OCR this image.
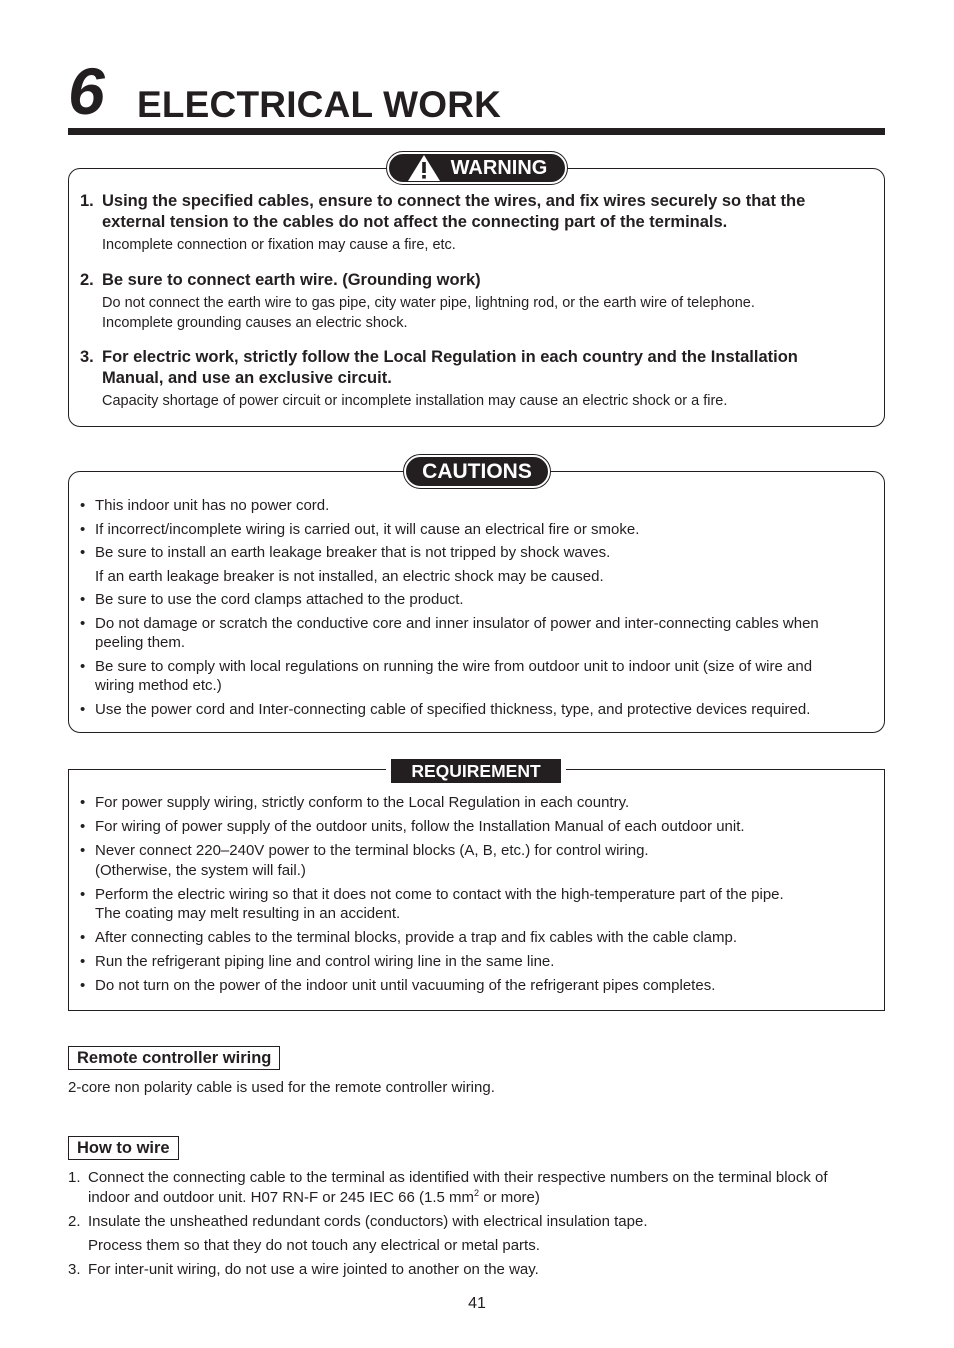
6 ELECTRICAL WORK
WARNING
1. Using the specified cables, ensure to connect the wires, and fix wires securely so that the
external tension to the cables do not affect the connecting part of the terminals.
Incomplete connection or fixation may cause a fire, etc.
2. Be sure to connect earth wire. (Grounding work)
Do not connect the earth wire to gas pipe, city water pipe, lightning rod, or the earth wire of telephone.
Incomplete grounding causes an electric shock.
3. For electric work, strictly follow the Local Regulation in each country and the Installation
Manual, and use an exclusive circuit.
Capacity shortage of power circuit or incomplete installation may cause an electric shock or a fire.
CAUTIONS
• This indoor unit has no power cord.
• If incorrect/incomplete wiring is carried out, it will cause an electrical fire or smoke.
• Be sure to install an earth leakage breaker that is not tripped by shock waves.
If an earth leakage breaker is not installed, an electric shock may be caused.
• Be sure to use the cord clamps attached to the product.
• Do not damage or scratch the conductive core and inner insulator of power and inter-connecting cables when
peeling them.
• Be sure to comply with local regulations on running the wire from outdoor unit to indoor unit (size of wire and
wiring method etc.)
• Use the power cord and Inter-connecting cable of specified thickness, type, and protective devices required.
REQUIREMENT
• For power supply wiring, strictly conform to the Local Regulation in each country.
• For wiring of power supply of the outdoor units, follow the Installation Manual of each outdoor unit.
• Never connect 220–240V power to the terminal blocks (A, B, etc.) for control wiring.
(Otherwise, the system will fail.)
• Perform the electric wiring so that it does not come to contact with the high-temperature part of the pipe.
The coating may melt resulting in an accident.
• After connecting cables to the terminal blocks, provide a trap and fix cables with the cable clamp.
• Run the refrigerant piping line and control wiring line in the same line.
• Do not turn on the power of the indoor unit until vacuuming of the refrigerant pipes completes.
Remote controller wiring
2-core non polarity cable is used for the remote controller wiring.
How to wire
1. Connect the connecting cable to the terminal as identified with their respective numbers on the terminal block of
indoor and outdoor unit. H07 RN-F or 245 IEC 66 (1.5 $mm^2$ or more)
2. Insulate the unsheathed redundant cords (conductors) with electrical insulation tape.
Process them so that they do not touch any electrical or metal parts.
3. For inter-unit wiring, do not use a wire jointed to another on the way.
41
